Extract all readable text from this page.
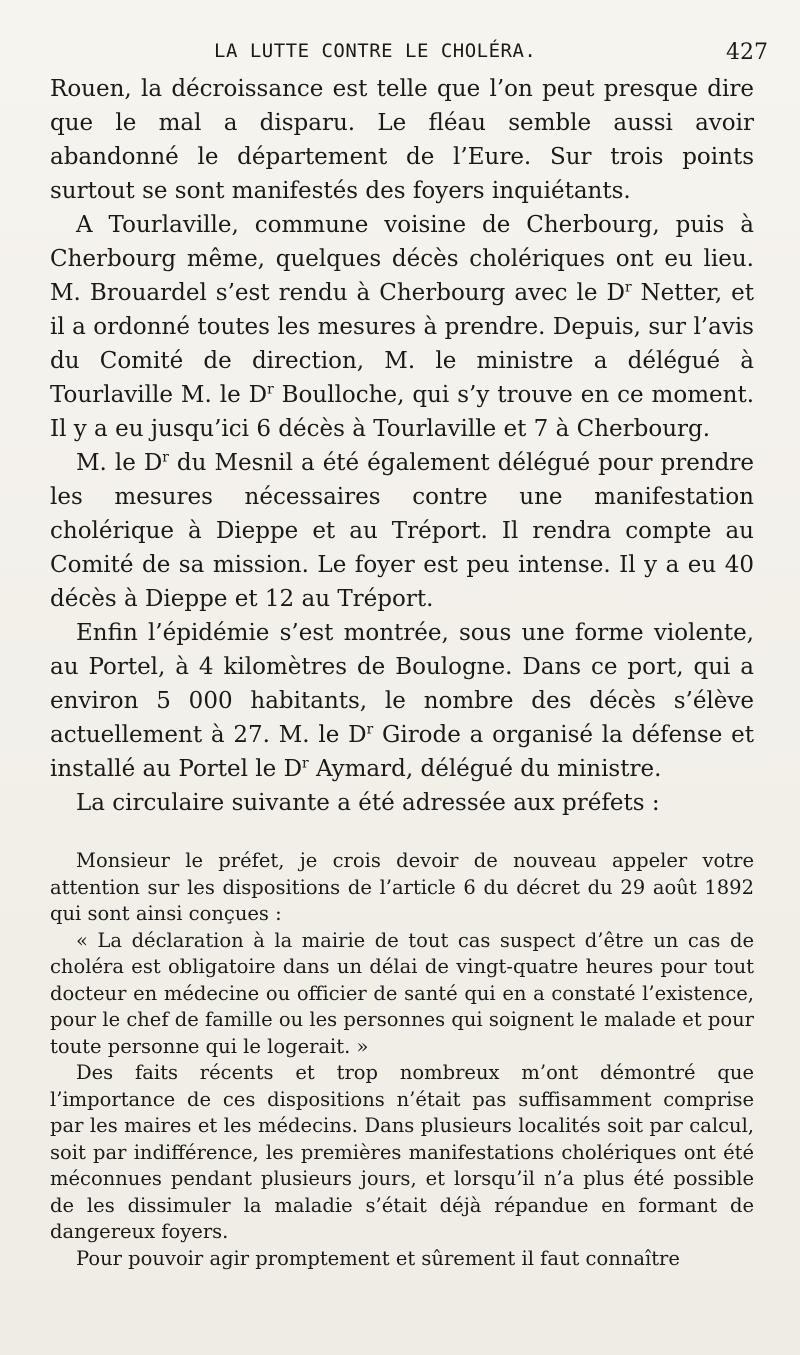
LA LUTTE CONTRE LE CHOLÉRA.	427

Rouen, la décroissance est telle que l’on peut presque dire que le mal a disparu. Le fléau semble aussi avoir abandonné le département de l’Eure. Sur trois points surtout se sont manifestés des foyers inquiétants.

A Tourlaville, commune voisine de Cherbourg, puis à Cherbourg même, quelques décès cholériques ont eu lieu. M. Brouardel s’est rendu à Cherbourg avec le $D^r$ Netter, et il a ordonné toutes les mesures à prendre. Depuis, sur l’avis du Comité de direction, M. le ministre a délégué à Tourlaville M. le $D^r$ Boulloche, qui s’y trouve en ce moment. Il y a eu jusqu’ici 6 décès à Tourlaville et 7 à Cherbourg.

M. le $D^r$ du Mesnil a été également délégué pour prendre les mesures nécessaires contre une manifestation cholérique à Dieppe et au Tréport. Il rendra compte au Comité de sa mission. Le foyer est peu intense. Il y a eu 40 décès à Dieppe et 12 au Tréport.

Enfin l’épidémie s’est montrée, sous une forme violente, au Portel, à 4 kilomètres de Boulogne. Dans ce port, qui a environ 5 000 habitants, le nombre des décès s’élève actuellement à 27. M. le $D^r$ Girode a organisé la défense et installé au Portel le $D^r$ Aymard, délégué du ministre.

La circulaire suivante a été adressée aux préfets :

Monsieur le préfet, je crois devoir de nouveau appeler votre attention sur les dispositions de l’article 6 du décret du 29 août 1892 qui sont ainsi conçues :

« La déclaration à la mairie de tout cas suspect d’être un cas de choléra est obligatoire dans un délai de vingt-quatre heures pour tout docteur en médecine ou officier de santé qui en a constaté l’existence, pour le chef de famille ou les personnes qui soignent le malade et pour toute personne qui le logerait. »

Des faits récents et trop nombreux m’ont démontré que l’importance de ces dispositions n’était pas suffisamment comprise par les maires et les médecins. Dans plusieurs localités soit par calcul, soit par indifférence, les premières manifestations cholériques ont été méconnues pendant plusieurs jours, et lorsqu’il n’a plus été possible de les dissimuler la maladie s’était déjà répandue en formant de dangereux foyers.

Pour pouvoir agir promptement et sûrement il faut connaître
